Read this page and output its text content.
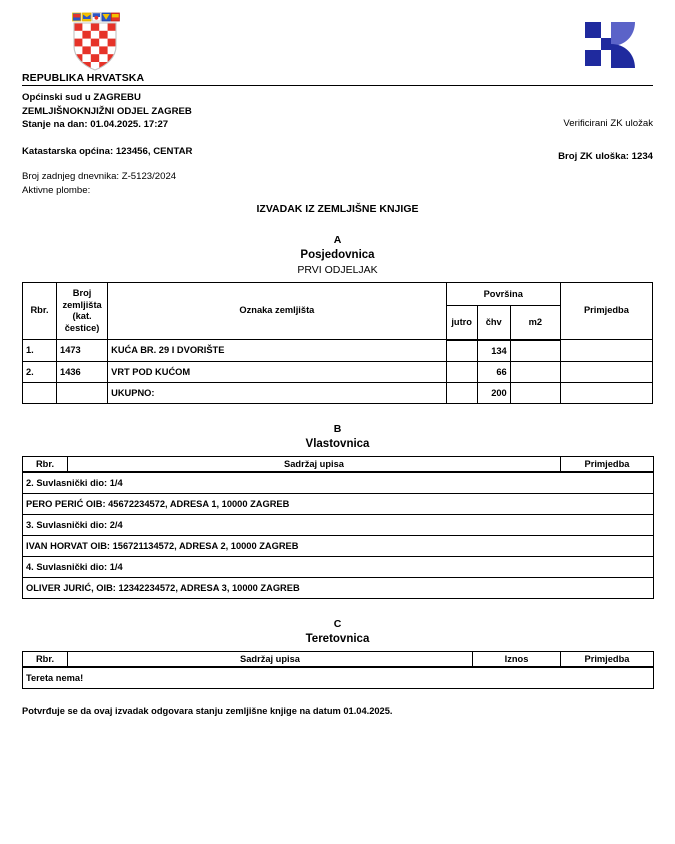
REPUBLIKA HRVATSKA
Općinski sud u ZAGREBU
ZEMLJIŠNOKNJIŽNI ODJEL ZAGREB
Stanje na dan: 01.04.2025. 17:27
Katastarska općina: 123456, CENTAR
Broj zadnjeg dnevnika: Z-5123/2024
Aktivne plombe:
Verificirani ZK uložak
Broj ZK uloška: 1234
IZVADAK IZ ZEMLJIŠNE KNJIGE
A
Posjedovnica
PRVI ODJELJAK
Rbr.	Broj
zemljišta
(kat.
čestice)	Oznaka zemljišta	Površina			Primjedba
			jutro	čhv	m2	
1.	1473	KUĆA BR. 29 I DVORIŠTE		134		
2.	1436	VRT POD KUĆOM		66		
		UKUPNO:		200		
B
Vlastovnica
Rbr.	Sadržaj upisa	Primjedba
2. Suvlasnički dio: 1/4
PERO PERIĆ OIB: 45672234572, ADRESA 1, 10000 ZAGREB
3. Suvlasnički dio: 2/4
IVAN HORVAT OIB: 156721134572, ADRESA 2, 10000 ZAGREB
4. Suvlasnički dio: 1/4
OLIVER JURIĆ, OIB: 12342234572, ADRESA 3, 10000 ZAGREB
C
Teretovnica
Rbr.	Sadržaj upisa	Iznos	Primjedba
Tereta nema!
Potvrđuje se da ovaj izvadak odgovara stanju zemljišne knjige na datum 01.04.2025.
